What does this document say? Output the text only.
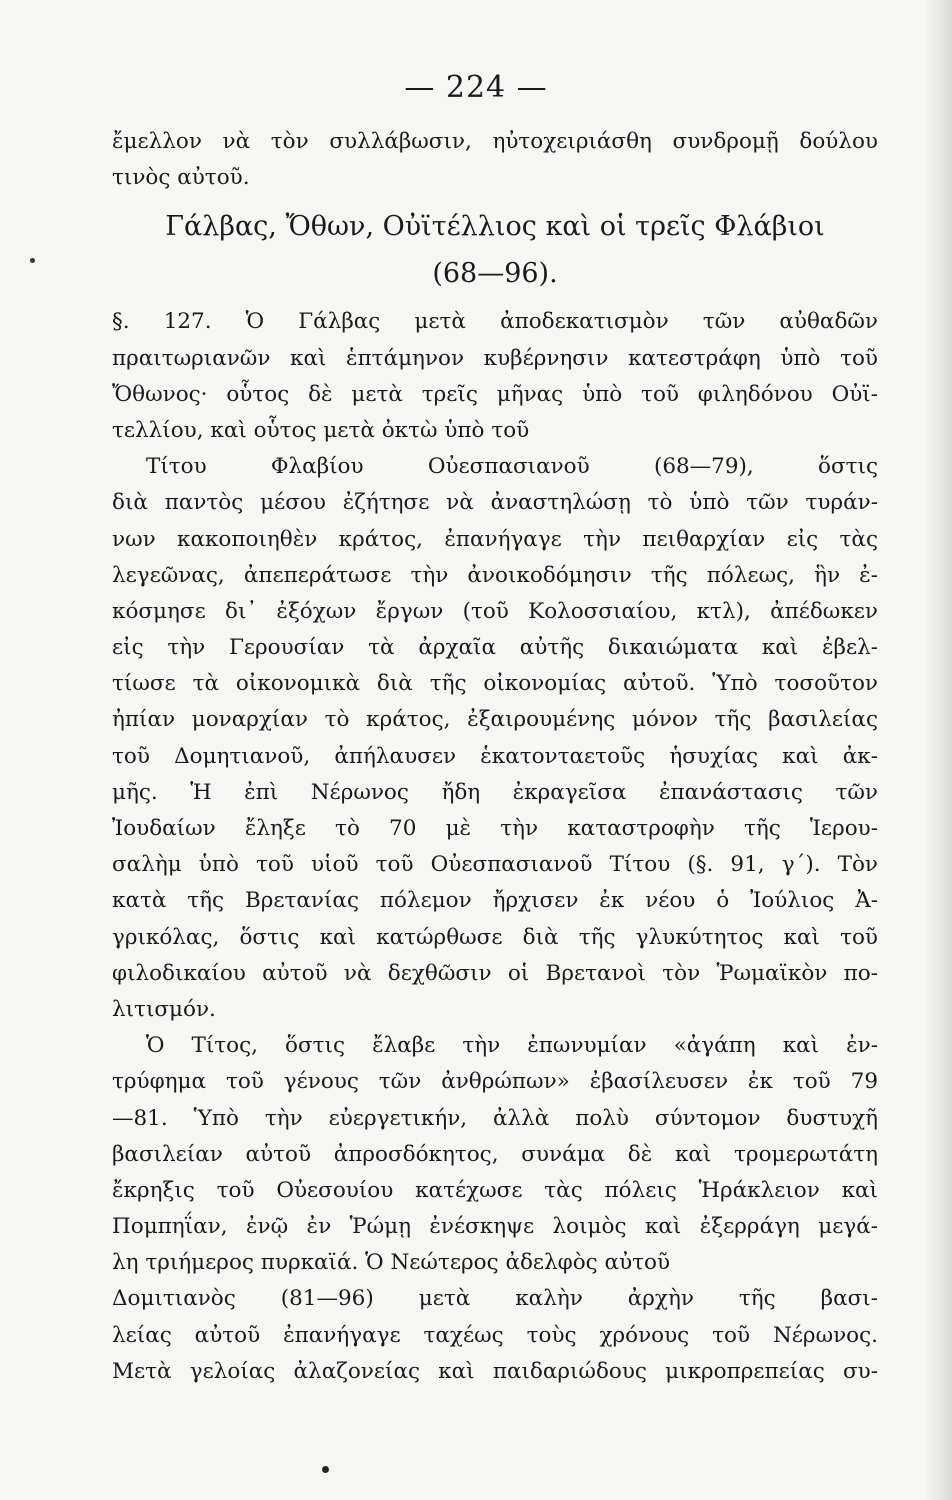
— 224 —
ἔμελλον νὰ τὸν συλλάβωσιν, ηὐτοχειριάσθη συνδρομῇ δούλου
τινὸς αὐτοῦ.
Γάλβας, Ὄθων, Οὐϊτέλλιος καὶ οἱ τρεῖς Φλάβιοι
(68—96).
§. 127. Ὁ Γάλβας μετὰ ἀποδεκατισμὸν τῶν αὐθαδῶν
πραιτωριανῶν καὶ ἑπτάμηνον κυβέρνησιν κατεστράφη ὑπὸ τοῦ
Ὄθωνος· οὗτος δὲ μετὰ τρεῖς μῆνας ὑπὸ τοῦ φιληδόνου Οὐϊ-
τελλίου, καὶ οὗτος μετὰ ὀκτὼ ὑπὸ τοῦ
Τίτου Φλαβίου Οὐεσπασιανοῦ (68—79), ὅστις
διὰ παντὸς μέσου ἐζήτησε νὰ ἀναστηλώσῃ τὸ ὑπὸ τῶν τυράν-
νων κακοποιηθὲν κράτος, ἐπανήγαγε τὴν πειθαρχίαν εἰς τὰς
λεγεῶνας, ἀπεπεράτωσε τὴν ἀνοικοδόμησιν τῆς πόλεως, ἣν ἐ-
κόσμησε δι᾽ ἐξόχων ἔργων (τοῦ Κολοσσιαίου, κτλ), ἀπέδωκεν
εἰς τὴν Γερουσίαν τὰ ἀρχαῖα αὐτῆς δικαιώματα καὶ ἐβελ-
τίωσε τὰ οἰκονομικὰ διὰ τῆς οἰκονομίας αὐτοῦ. Ὑπὸ τοσοῦτον
ἠπίαν μοναρχίαν τὸ κράτος, ἐξαιρουμένης μόνον τῆς βασιλείας
τοῦ Δομητιανοῦ, ἀπήλαυσεν ἑκατονταετοῦς ἡσυχίας καὶ ἀκ-
μῆς. Ἡ ἐπὶ Νέρωνος ἤδη ἐκραγεῖσα ἐπανάστασις τῶν
Ἰουδαίων ἔληξε τὸ 70 μὲ τὴν καταστροφὴν τῆς Ἱερου-
σαλὴμ ὑπὸ τοῦ υἱοῦ τοῦ Οὐεσπασιανοῦ Τίτου (§. 91, γ΄). Τὸν
κατὰ τῆς Βρετανίας πόλεμον ἤρχισεν ἐκ νέου ὁ Ἰούλιος Ἀ-
γρικόλας, ὅστις καὶ κατώρθωσε διὰ τῆς γλυκύτητος καὶ τοῦ
φιλοδικαίου αὐτοῦ νὰ δεχθῶσιν οἱ Βρετανοὶ τὸν Ῥωμαϊκὸν πο-
λιτισμόν.
Ὁ Τίτος, ὅστις ἔλαβε τὴν ἐπωνυμίαν «ἀγάπη καὶ ἐν-
τρύφημα τοῦ γένους τῶν ἀνθρώπων» ἐβασίλευσεν ἐκ τοῦ 79
—81. Ὑπὸ τὴν εὐεργετικήν, ἀλλὰ πολὺ σύντομον δυστυχῆ
βασιλείαν αὐτοῦ ἀπροσδόκητος, συνάμα δὲ καὶ τρομερωτάτη
ἔκρηξις τοῦ Οὐεσουίου κατέχωσε τὰς πόλεις Ἡράκλειον καὶ
Πομπηΐαν, ἐνῷ ἐν Ῥώμῃ ἐνέσκηψε λοιμὸς καὶ ἐξερράγη μεγά-
λη τριήμερος πυρκαϊά. Ὁ Νεώτερος ἀδελφὸς αὐτοῦ
Δομιτιανὸς (81—96) μετὰ καλὴν ἀρχὴν τῆς βασι-
λείας αὐτοῦ ἐπανήγαγε ταχέως τοὺς χρόνους τοῦ Νέρωνος.
Μετὰ γελοίας ἀλαζονείας καὶ παιδαριώδους μικροπρεπείας συ-
